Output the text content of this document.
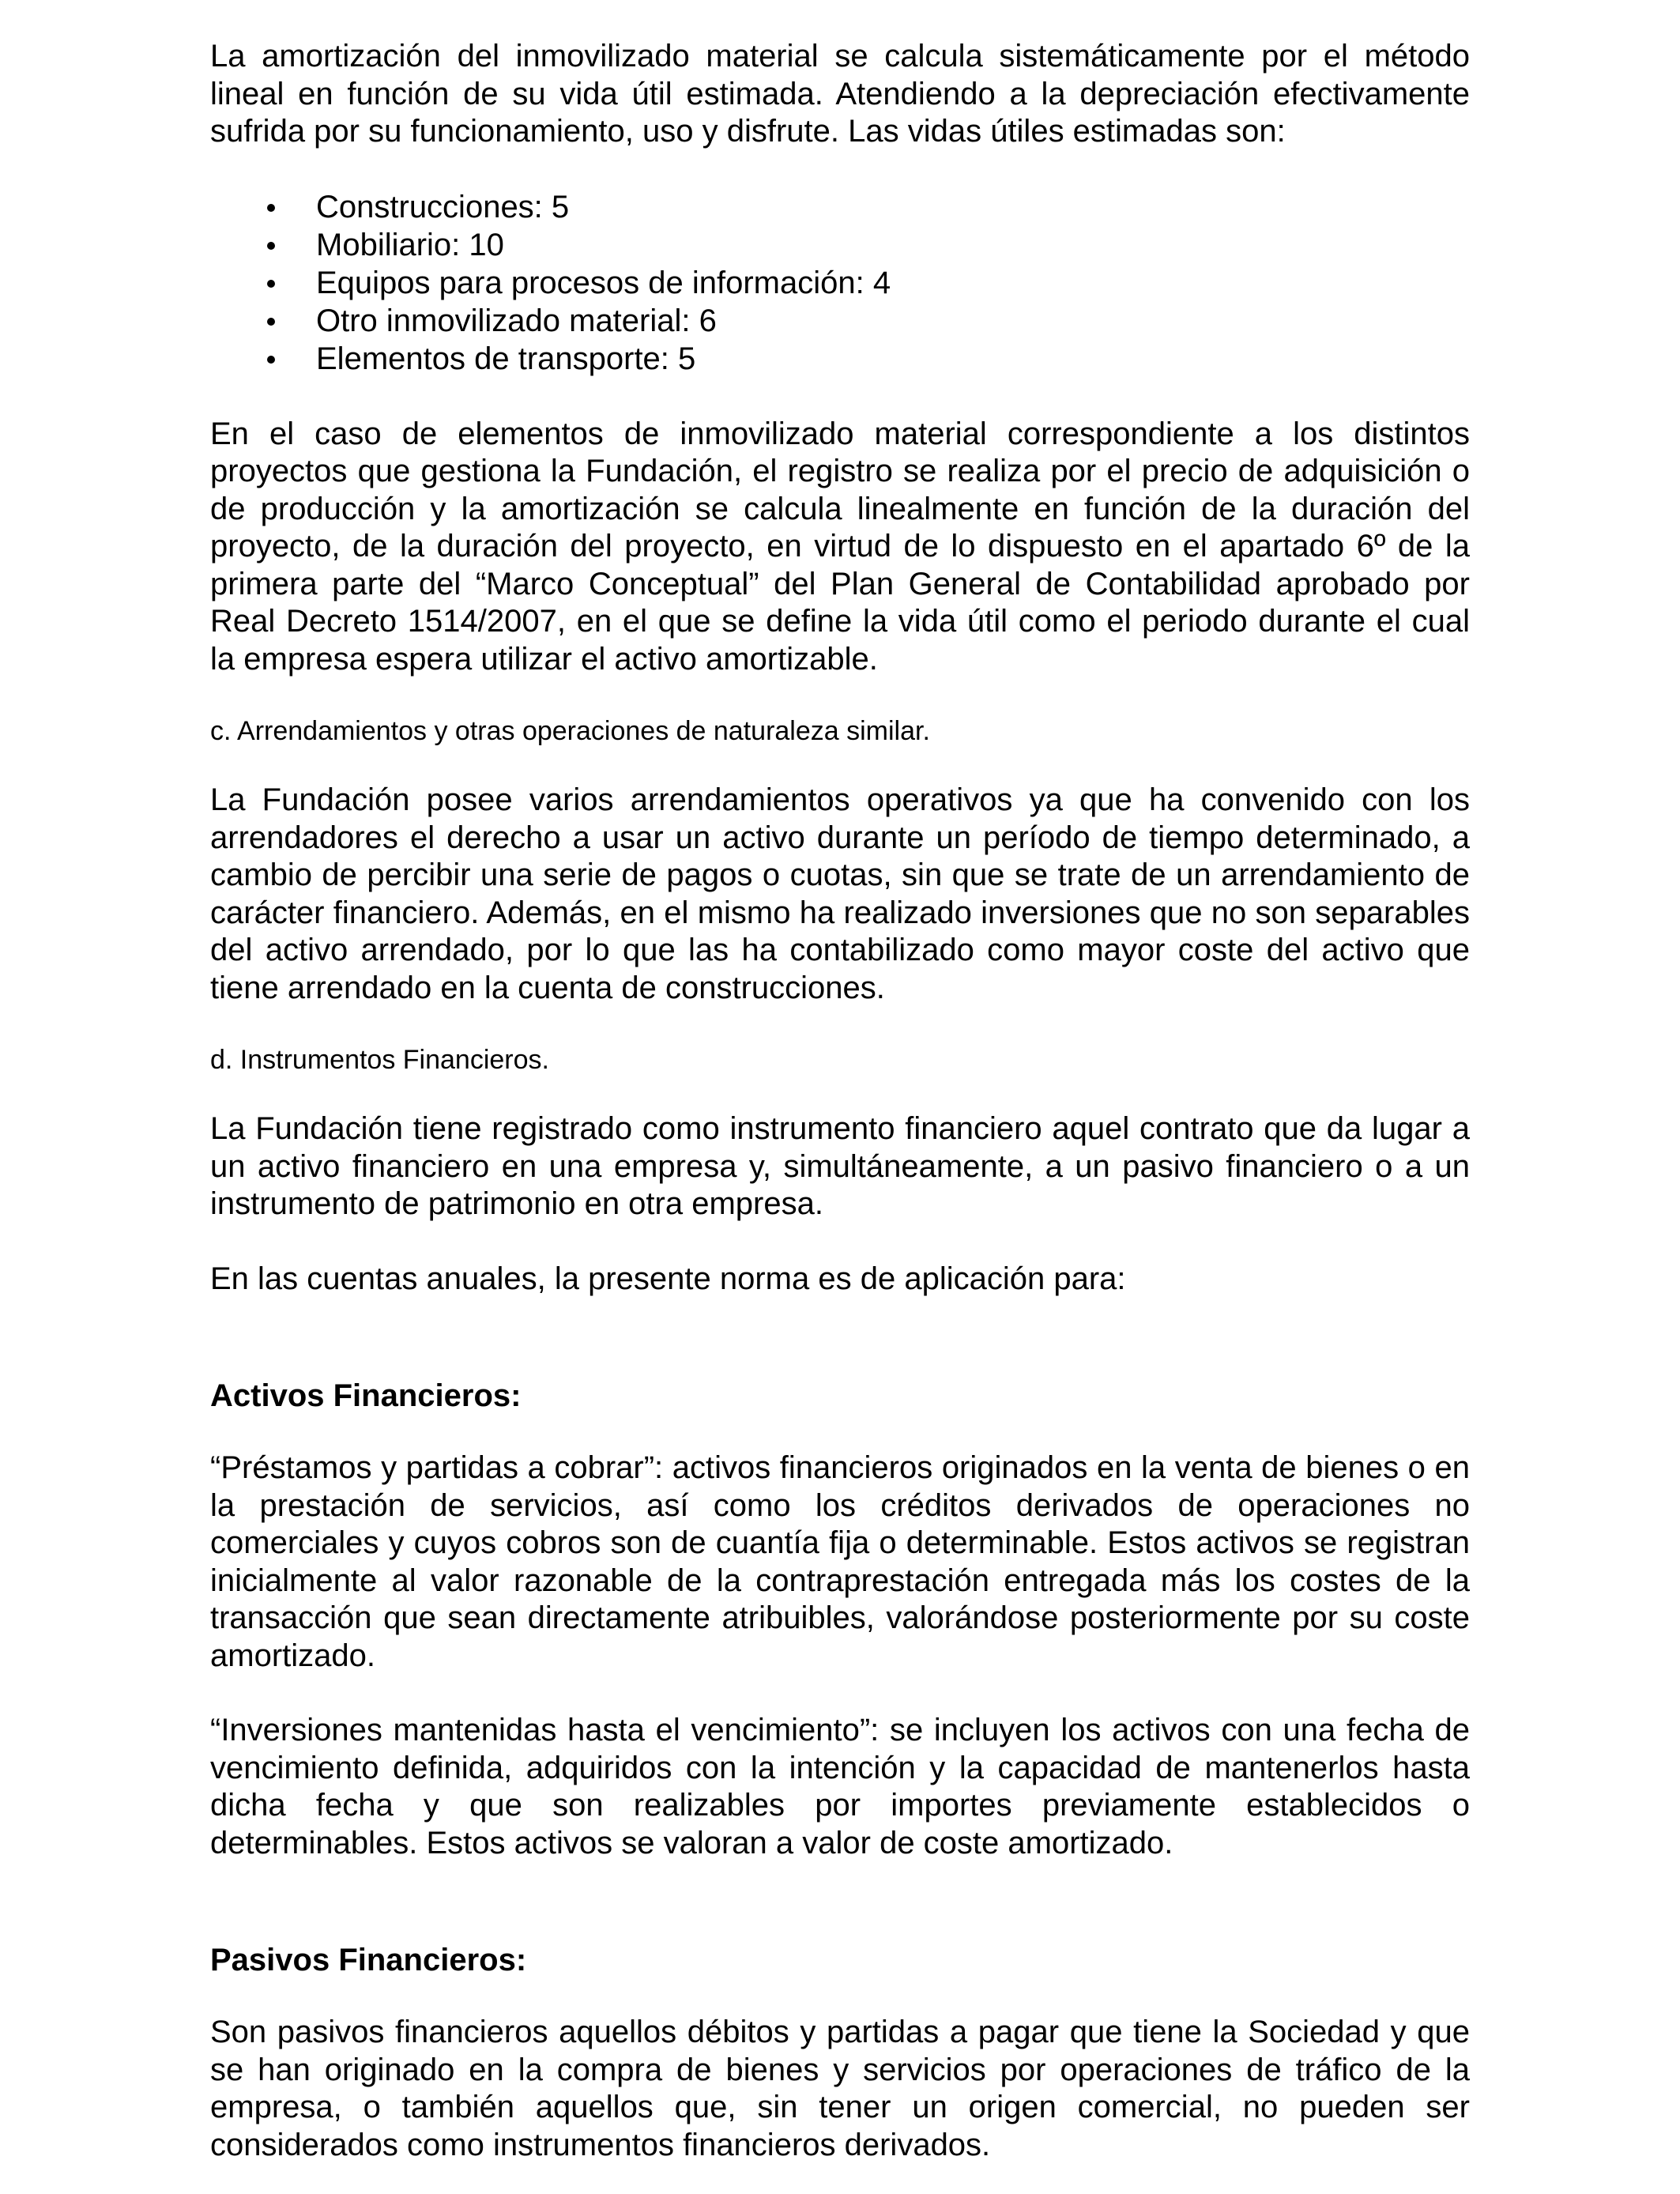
La amortización del inmovilizado material se calcula sistemáticamente por el método lineal en función de su vida útil estimada. Atendiendo a la depreciación efectivamente sufrida por su funcionamiento, uso y disfrute. Las vidas útiles estimadas son:

Construcciones: 5
Mobiliario: 10
Equipos para procesos de información: 4
Otro inmovilizado material: 6
Elementos de transporte: 5

En el caso de elementos de inmovilizado material correspondiente a los distintos proyectos que gestiona la Fundación, el registro se realiza por el precio de adquisición o de producción y la amortización se calcula linealmente en función de la duración del proyecto, de la duración del proyecto, en virtud de lo dispuesto en el apartado 6º de la primera parte del “Marco Conceptual” del Plan General de Contabilidad aprobado por Real Decreto 1514/2007, en el que se define la vida útil como el periodo durante el cual la empresa espera utilizar el activo amortizable.

c. Arrendamientos y otras operaciones de naturaleza similar.

La Fundación posee varios arrendamientos operativos ya que ha convenido con los arrendadores el derecho a usar un activo durante un período de tiempo determinado, a cambio de percibir una serie de pagos o cuotas, sin que se trate de un arrendamiento de carácter financiero. Además, en el mismo ha realizado inversiones que no son separables del activo arrendado, por lo que las ha contabilizado como mayor coste del activo que tiene arrendado en la cuenta de construcciones.

d. Instrumentos Financieros.

La Fundación tiene registrado como instrumento financiero aquel contrato que da lugar a un activo financiero en una empresa y, simultáneamente, a un pasivo financiero o a un instrumento de patrimonio en otra empresa.

En las cuentas anuales, la presente norma es de aplicación para:

Activos Financieros:

“Préstamos y partidas a cobrar”: activos financieros originados en la venta de bienes o en la prestación de servicios, así como los créditos derivados de operaciones no comerciales y cuyos cobros son de cuantía fija o determinable. Estos activos se registran inicialmente al valor razonable de la contraprestación entregada más los costes de la transacción que sean directamente atribuibles, valorándose posteriormente por su coste amortizado.

“Inversiones mantenidas hasta el vencimiento”: se incluyen los activos con una fecha de vencimiento definida, adquiridos con la intención y la capacidad de mantenerlos hasta dicha fecha y que son realizables por importes previamente establecidos o determinables. Estos activos se valoran a valor de coste amortizado.

Pasivos Financieros:

Son pasivos financieros aquellos débitos y partidas a pagar que tiene la Sociedad y que se han originado en la compra de bienes y servicios por operaciones de tráfico de la empresa, o también aquellos que, sin tener un origen comercial, no pueden ser considerados como instrumentos financieros derivados.
